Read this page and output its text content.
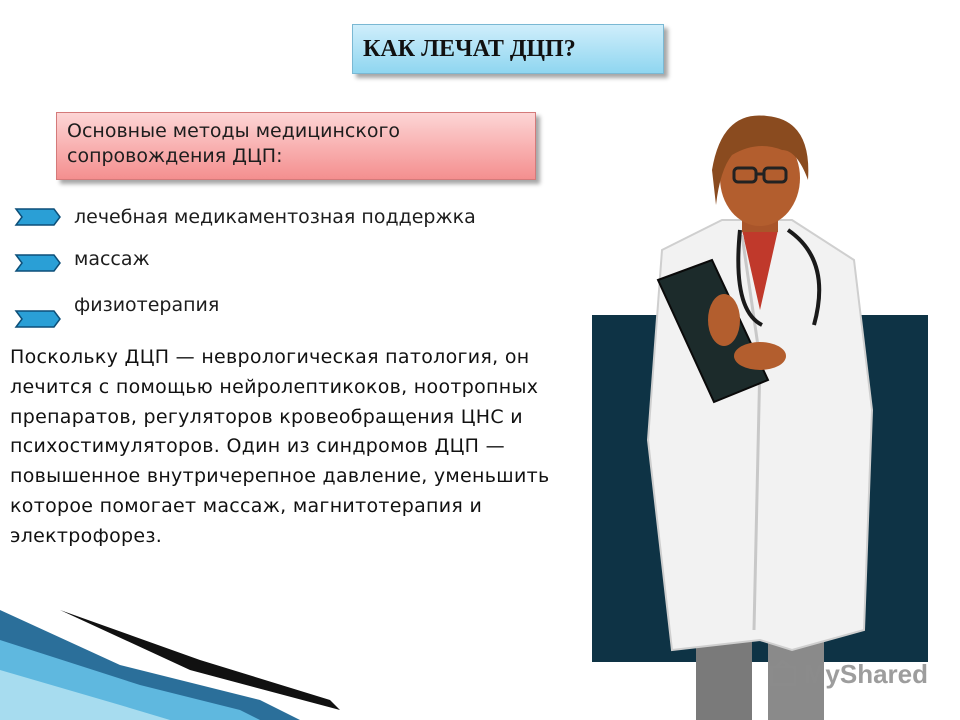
КАК ЛЕЧАТ ДЦП?
Основные методы медицинского сопровождения ДЦП:
лечебная медикаментозная поддержка
массаж
физиотерапия
Поскольку ДЦП — неврологическая патология, он лечится с помощью нейролептикоков, ноотропных препаратов, регуляторов кровеобращения ЦНС и психостимуляторов. Один из синдромов ДЦП — повышенное внутричерепное давление, уменьшить которое помогает массаж, магнитотерапия и электрофорез.
MyShared
